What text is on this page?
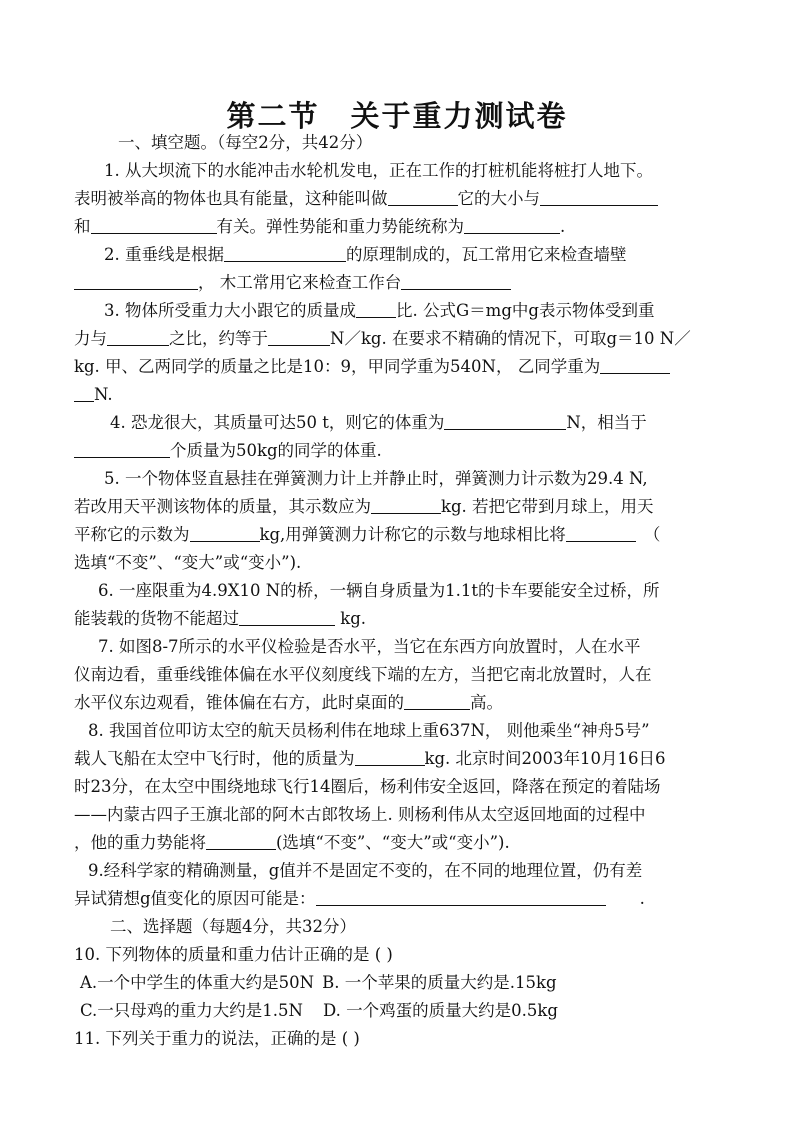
第二节　关于重力测试卷
一、填空题。（每空2分，共42分）
1. 从大坝流下的水能冲击水轮机发电，正在工作的打桩机能将桩打人地下。
表明被举高的物体也具有能量，这种能叫做	它的大小与
和	有关。弹性势能和重力势能统称为	.
2. 重垂线是根据	的原理制成的，瓦工常用它来检查墙壁
， 木工常用它来检查工作台
3. 物体所受重力大小跟它的质量成 比. 公式G＝mg中g表示物体受到重
力与	之比，约等于	N／kg. 在要求不精确的情况下，可取g＝10 N／
kg. 甲、乙两同学的质量之比是10：9，甲同学重为540N， 乙同学重为
N.
4. 恐龙很大，其质量可达50 t，则它的体重为	N，相当于
个质量为50kg的同学的体重.
5. 一个物体竖直悬挂在弹簧测力计上并静止时，弹簧测力计示数为29.4 N,
若改用天平测该物体的质量，其示数应为	kg. 若把它带到月球上，用天
平称它的示数为	kg,用弹簧测力计称它的示数与地球相比将	（
选填“不变”、“变大”或“变小”).
6. 一座限重为4.9X10 N的桥，一辆自身质量为1.1t的卡车要能安全过桥，所
能装载的货物不能超过	kg.
7. 如图8-7所示的水平仪检验是否水平，当它在东西方向放置时，人在水平
仪南边看，重垂线锥体偏在水平仪刻度线下端的左方，当把它南北放置时，人在
水平仪东边观看，锥体偏在右方，此时桌面的	高。
8. 我国首位叩访太空的航天员杨利伟在地球上重637N， 则他乘坐“神舟5号”
载人飞船在太空中飞行时，他的质量为	kg. 北京时间2003年10月16日6
时23分，在太空中围绕地球飞行14圈后，杨利伟安全返回，降落在预定的着陆场
——内蒙古四子王旗北部的阿木古郎牧场上. 则杨利伟从太空返回地面的过程中
，他的重力势能将	(选填“不变”、“变大”或“变小”).
9.经科学家的精确测量，g值并不是固定不变的，在不同的地理位置，仍有差
异试猜想g值变化的原因可能是：	.
二、选择题（每题4分，共32分）
10. 下列物体的质量和重力估计正确的是 ( )
A.一个中学生的体重大约是50N B. 一个苹果的质量大约是.15kg
C.一只母鸡的重力大约是1.5N D. 一个鸡蛋的质量大约是0.5kg
11. 下列关于重力的说法，正确的是 ( )
